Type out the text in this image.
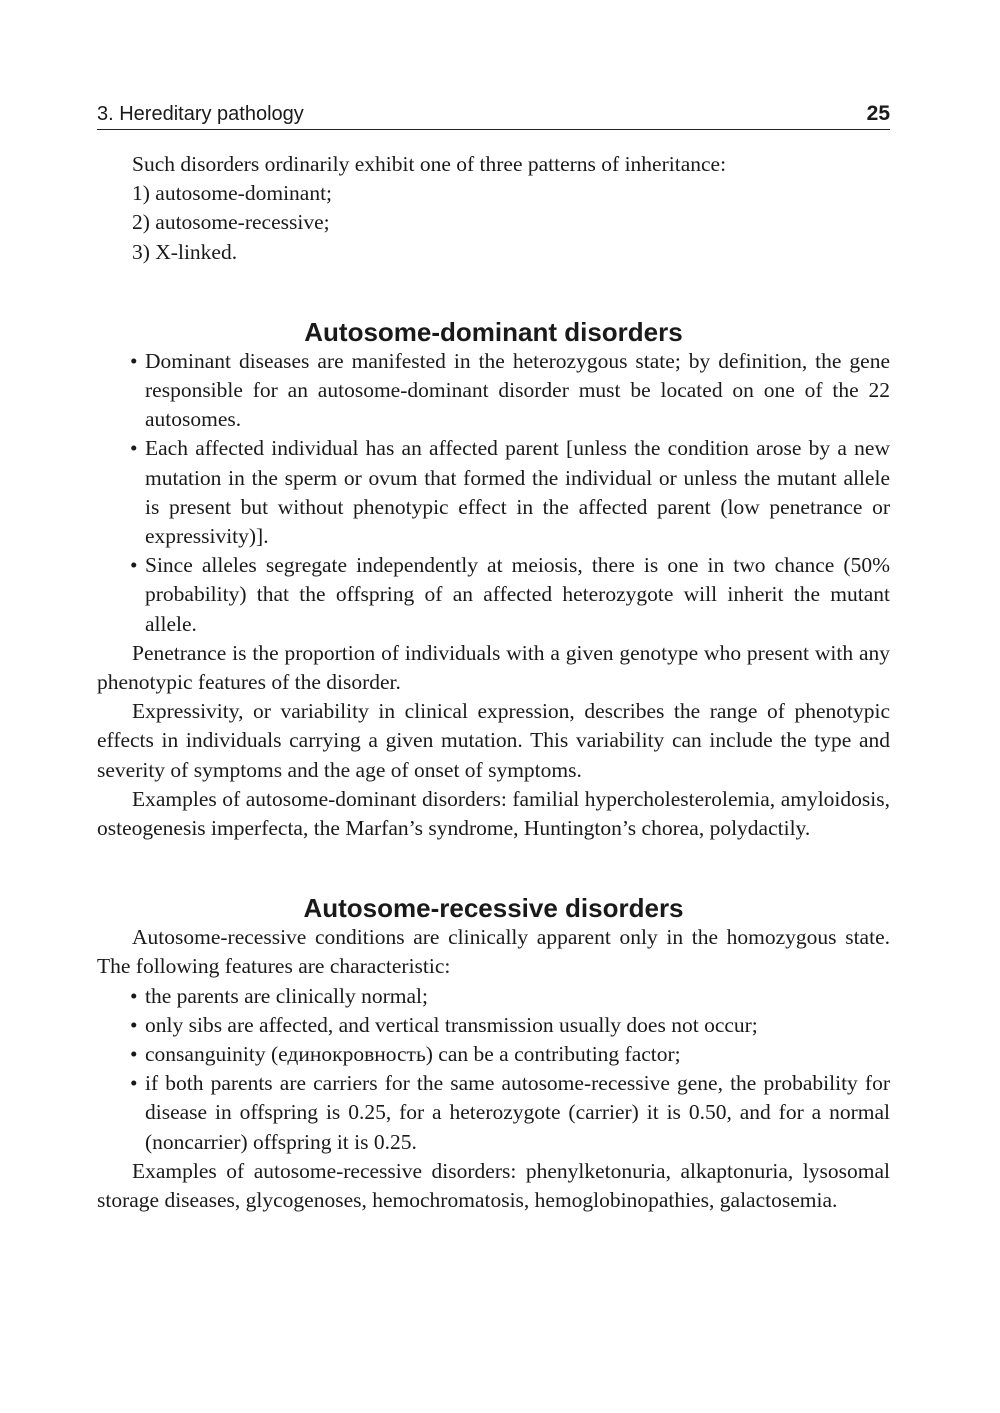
3. Hereditary pathology	25

Such disorders ordinarily exhibit one of three patterns of inheritance:

1) autosome-dominant;
2) autosome-recessive;
3) X-linked.
Autosome-dominant disorders
• Dominant diseases are manifested in the heterozygous state; by definition, the gene responsible for an autosome-dominant disorder must be located on one of the 22 autosomes.
• Each affected individual has an affected parent [unless the condition arose by a new mutation in the sperm or ovum that formed the individual or unless the mutant allele is present but without phenotypic effect in the affected parent (low penetrance or expressivity)].
• Since alleles segregate independently at meiosis, there is one in two chance (50% probability) that the offspring of an affected heterozygote will inherit the mutant allele.

Penetrance is the proportion of individuals with a given genotype who present with any phenotypic features of the disorder.

Expressivity, or variability in clinical expression, describes the range of phenotypic effects in individuals carrying a given mutation. This variability can include the type and severity of symptoms and the age of onset of symptoms.

Examples of autosome-dominant disorders: familial hypercholesterolemia, amyloidosis, osteogenesis imperfecta, the Marfan’s syndrome, Huntington’s chorea, polydactily.

Autosome-recessive disorders

Autosome-recessive conditions are clinically apparent only in the homozygous state. The following features are characteristic:

• the parents are clinically normal;
• only sibs are affected, and vertical transmission usually does not occur;
• consanguinity (единокровность) can be a contributing factor;
• if both parents are carriers for the same autosome-recessive gene, the probability for disease in offspring is 0.25, for a heterozygote (carrier) it is 0.50, and for a normal (noncarrier) offspring it is 0.25.

Examples of autosome-recessive disorders: phenylketonuria, alkaptonuria, lysosomal storage diseases, glycogenoses, hemochromatosis, hemoglobinopathies, galactosemia.
